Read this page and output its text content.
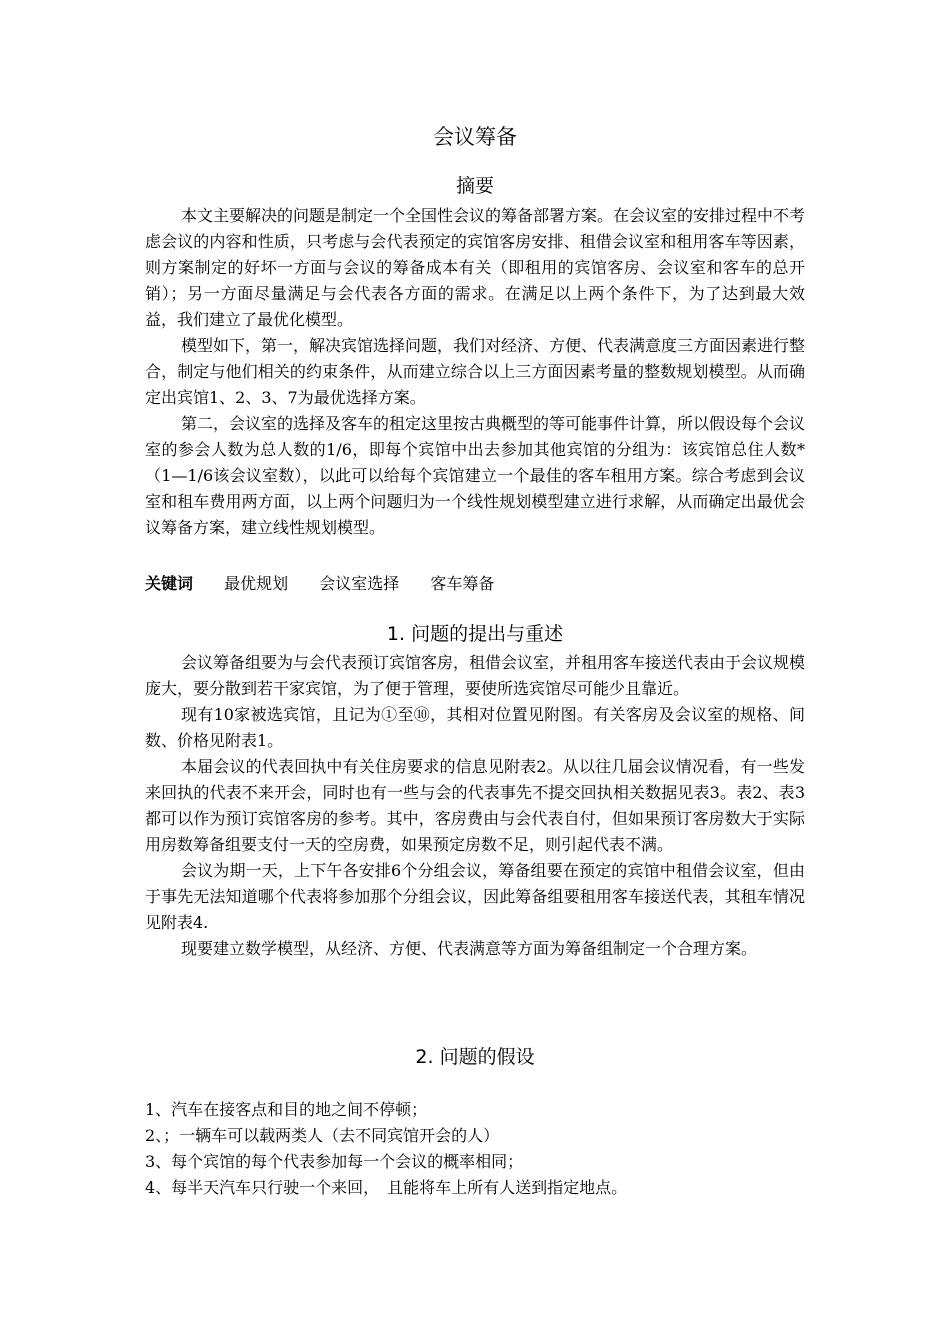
会议筹备
摘要

本文主要解决的问题是制定一个全国性会议的筹备部署方案。在会议室的安排过程中不考虑会议的内容和性质，只考虑与会代表预定的宾馆客房安排、租借会议室和租用客车等因素，则方案制定的好坏一方面与会议的筹备成本有关（即租用的宾馆客房、会议室和客车的总开销）；另一方面尽量满足与会代表各方面的需求。在满足以上两个条件下，为了达到最大效益，我们建立了最优化模型。

模型如下，第一，解决宾馆选择问题，我们对经济、方便、代表满意度三方面因素进行整合，制定与他们相关的约束条件，从而建立综合以上三方面因素考量的整数规划模型。从而确定出宾馆1、2、3、7为最优选择方案。

第二，会议室的选择及客车的租定这里按古典概型的等可能事件计算，所以假设每个会议室的参会人数为总人数的1/6，即每个宾馆中出去参加其他宾馆的分组为：该宾馆总住人数*（1—1/6该会议室数），以此可以给每个宾馆建立一个最佳的客车租用方案。综合考虑到会议室和租车费用两方面，以上两个问题归为一个线性规划模型建立进行求解，从而确定出最优会议筹备方案，建立线性规划模型。

关键词 最优规划 会议室选择 客车筹备
1. 问题的提出与重述

会议筹备组要为与会代表预订宾馆客房，租借会议室，并租用客车接送代表由于会议规模庞大，要分散到若干家宾馆，为了便于管理，要使所选宾馆尽可能少且靠近。

现有10家被选宾馆，且记为①至⑩，其相对位置见附图。有关客房及会议室的规格、间数、价格见附表1。

本届会议的代表回执中有关住房要求的信息见附表2。从以往几届会议情况看，有一些发来回执的代表不来开会，同时也有一些与会的代表事先不提交回执相关数据见表3。表2、表3都可以作为预订宾馆客房的参考。其中，客房费由与会代表自付，但如果预订客房数大于实际用房数筹备组要支付一天的空房费，如果预定房数不足，则引起代表不满。

会议为期一天，上下午各安排6个分组会议，筹备组要在预定的宾馆中租借会议室，但由于事先无法知道哪个代表将参加那个分组会议，因此筹备组要租用客车接送代表，其租车情况见附表4.

现要建立数学模型，从经济、方便、代表满意等方面为筹备组制定一个合理方案。

2. 问题的假设
1、汽车在接客点和目的地之间不停顿；
2、；一辆车可以载两类人（去不同宾馆开会的人）
3、每个宾馆的每个代表参加每一个会议的概率相同；
4、每半天汽车只行驶一个来回，　且能将车上所有人送到指定地点。
